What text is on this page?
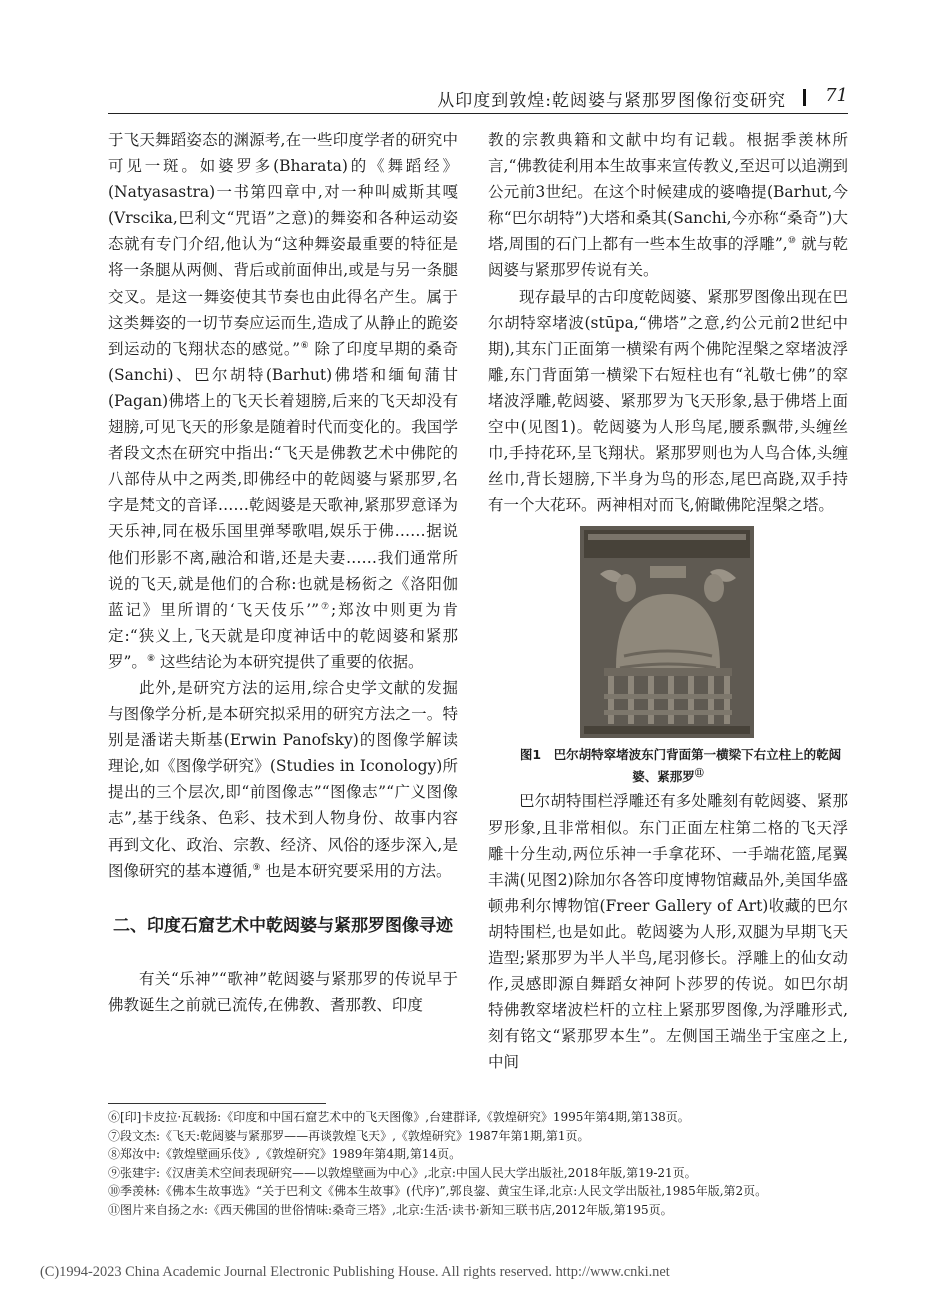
从印度到敦煌:乾闼婆与紧那罗图像衍变研究 71

于飞天舞蹈姿态的渊源考,在一些印度学者的研究中可见一斑。如婆罗多(Bharata)的《舞蹈经》(Natyasastra)一书第四章中,对一种叫威斯其嘎(Vrscika,巴利文“咒语”之意)的舞姿和各种运动姿态就有专门介绍,他认为“这种舞姿最重要的特征是将一条腿从两侧、背后或前面伸出,或是与另一条腿交叉。是这一舞姿使其节奏也由此得名产生。属于这类舞姿的一切节奏应运而生,造成了从静止的跪姿到运动的飞翔状态的感觉。”⑥ 除了印度早期的桑奇(Sanchi)、巴尔胡特(Barhut)佛塔和缅甸蒲甘(Pagan)佛塔上的飞天长着翅膀,后来的飞天却没有翅膀,可见飞天的形象是随着时代而变化的。我国学者段文杰在研究中指出:“飞天是佛教艺术中佛陀的八部侍从中之两类,即佛经中的乾闼婆与紧那罗,名字是梵文的音译……乾闼婆是天歌神,紧那罗意译为天乐神,同在极乐国里弹琴歌唱,娱乐于佛……据说他们形影不离,融洽和谐,还是夫妻……我们通常所说的飞天,就是他们的合称:也就是杨衒之《洛阳伽蓝记》里所谓的‘飞天伎乐’”⑦;郑汝中则更为肯定:“狭义上,飞天就是印度神话中的乾闼婆和紧那罗”。⑧ 这些结论为本研究提供了重要的依据。

此外,是研究方法的运用,综合史学文献的发掘与图像学分析,是本研究拟采用的研究方法之一。特别是潘诺夫斯基(Erwin Panofsky)的图像学解读理论,如《图像学研究》(Studies in Iconology)所提出的三个层次,即“前图像志”“图像志”“广义图像志”,基于线条、色彩、技术到人物身份、故事内容再到文化、政治、宗教、经济、风俗的逐步深入,是图像研究的基本遵循,⑨ 也是本研究要采用的方法。

二、印度石窟艺术中乾闼婆与紧那罗图像寻迹

有关“乐神”“歌神”乾闼婆与紧那罗的传说早于佛教诞生之前就已流传,在佛教、耆那教、印度

教的宗教典籍和文献中均有记载。根据季羡林所言,“佛教徒利用本生故事来宣传教义,至迟可以追溯到公元前3世纪。在这个时候建成的婆嚕提(Barhut,今称“巴尔胡特”)大塔和桑其(Sanchi,今亦称“桑奇”)大塔,周围的石门上都有一些本生故事的浮雕”,⑩ 就与乾闼婆与紧那罗传说有关。

现存最早的古印度乾闼婆、紧那罗图像出现在巴尔胡特窣堵波(stūpa,“佛塔”之意,约公元前2世纪中期),其东门正面第一横梁有两个佛陀涅槃之窣堵波浮雕,东门背面第一横梁下右短柱也有“礼敬七佛”的窣堵波浮雕,乾闼婆、紧那罗为飞天形象,悬于佛塔上面空中(见图1)。乾闼婆为人形鸟尾,腰系飘带,头缠丝巾,手持花环,呈飞翔状。紧那罗则也为人鸟合体,头缠丝巾,背长翅膀,下半身为鸟的形态,尾巴高跷,双手持有一个大花环。两神相对而飞,俯瞰佛陀涅槃之塔。

图1　巴尔胡特窣堵波东门背面第一横梁下右立柱上的乾闼婆、紧那罗⑪

巴尔胡特围栏浮雕还有多处雕刻有乾闼婆、紧那罗形象,且非常相似。东门正面左柱第二格的飞天浮雕十分生动,两位乐神一手拿花环、一手端花篮,尾翼丰满(见图2)除加尔各答印度博物馆藏品外,美国华盛顿弗利尔博物馆(Freer Gallery of Art)收藏的巴尔胡特围栏,也是如此。乾闼婆为人形,双腿为早期飞天造型;紧那罗为半人半鸟,尾羽修长。浮雕上的仙女动作,灵感即源自舞蹈女神阿卜莎罗的传说。如巴尔胡特佛教窣堵波栏杆的立柱上紧那罗图像,为浮雕形式,刻有铭文“紧那罗本生”。左侧国王端坐于宝座之上,中间

⑥[印]卡皮拉·瓦载扬:《印度和中国石窟艺术中的飞天图像》,台建群译,《敦煌研究》1995年第4期,第138页。
⑦段文杰:《飞天:乾闼婆与紧那罗——再谈敦煌飞天》,《敦煌研究》1987年第1期,第1页。
⑧郑汝中:《敦煌壁画乐伎》,《敦煌研究》1989年第4期,第14页。
⑨张建宇:《汉唐美术空间表现研究——以敦煌壁画为中心》,北京:中国人民大学出版社,2018年版,第19-21页。
⑩季羡林:《佛本生故事选》“关于巴利文《佛本生故事》(代序)”,郭良鋆、黄宝生译,北京:人民文学出版社,1985年版,第2页。
⑪图片来自扬之水:《西天佛国的世俗情味:桑奇三塔》,北京:生活·读书·新知三联书店,2012年版,第195页。
(C)1994-2023 China Academic Journal Electronic Publishing House. All rights reserved. http://www.cnki.net
